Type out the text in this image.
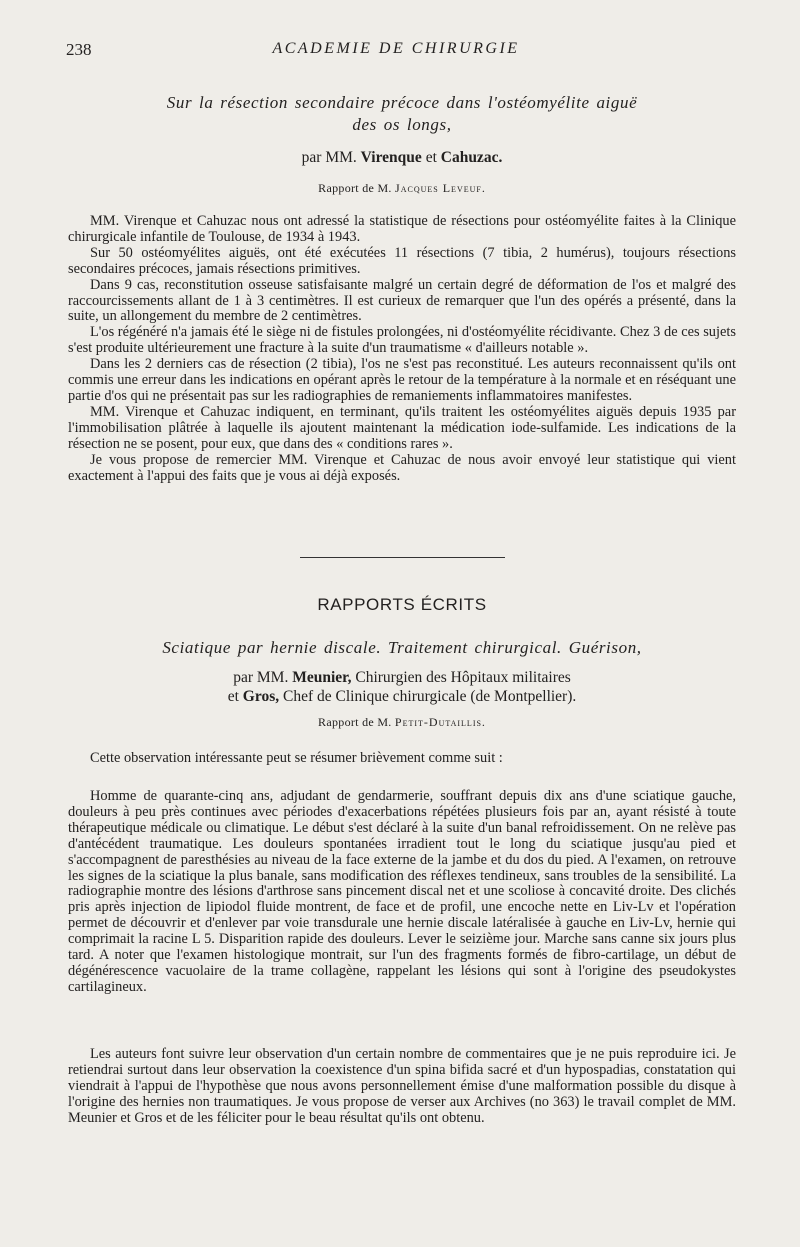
238	ACADEMIE DE CHIRURGIE
Sur la résection secondaire précoce dans l'ostéomyélite aiguë
des os longs,
par MM. Virenque et Cahuzac.
Rapport de M. Jacques Leveuf.

MM. Virenque et Cahuzac nous ont adressé la statistique de résections pour ostéomyélite faites à la Clinique chirurgicale infantile de Toulouse, de 1934 à 1943.

Sur 50 ostéomyélites aiguës, ont été exécutées 11 résections (7 tibia, 2 humérus), toujours résections secondaires précoces, jamais résections primitives.

Dans 9 cas, reconstitution osseuse satisfaisante malgré un certain degré de déformation de l'os et malgré des raccourcissements allant de 1 à 3 centimètres. Il est curieux de remarquer que l'un des opérés a présenté, dans la suite, un allongement du membre de 2 centimètres.

L'os régénéré n'a jamais été le siège ni de fistules prolongées, ni d'ostéomyélite récidivante. Chez 3 de ces sujets s'est produite ultérieurement une fracture à la suite d'un traumatisme « d'ailleurs notable ».

Dans les 2 derniers cas de résection (2 tibia), l'os ne s'est pas reconstitué. Les auteurs reconnaissent qu'ils ont commis une erreur dans les indications en opérant après le retour de la température à la normale et en réséquant une partie d'os qui ne présentait pas sur les radiographies de remaniements inflammatoires manifestes.

MM. Virenque et Cahuzac indiquent, en terminant, qu'ils traitent les ostéomyélites aiguës depuis 1935 par l'immobilisation plâtrée à laquelle ils ajoutent maintenant la médication iode-sulfamide. Les indications de la résection ne se posent, pour eux, que dans des « conditions rares ».

Je vous propose de remercier MM. Virenque et Cahuzac de nous avoir envoyé leur statistique qui vient exactement à l'appui des faits que je vous ai déjà exposés.

RAPPORTS ÉCRITS
Sciatique par hernie discale. Traitement chirurgical. Guérison,
par MM. Meunier, Chirurgien des Hôpitaux militaires
et Gros, Chef de Clinique chirurgicale (de Montpellier).
Rapport de M. Petit-Dutaillis.

Cette observation intéressante peut se résumer brièvement comme suit :

Homme de quarante-cinq ans, adjudant de gendarmerie, souffrant depuis dix ans d'une sciatique gauche, douleurs à peu près continues avec périodes d'exacerbations répétées plusieurs fois par an, ayant résisté à toute thérapeutique médicale ou climatique. Le début s'est déclaré à la suite d'un banal refroidissement. On ne relève pas d'antécédent traumatique. Les douleurs spontanées irradient tout le long du sciatique jusqu'au pied et s'accompagnent de paresthésies au niveau de la face externe de la jambe et du dos du pied. A l'examen, on retrouve les signes de la sciatique la plus banale, sans modification des réflexes tendineux, sans troubles de la sensibilité. La radiographie montre des lésions d'arthrose sans pincement discal net et une scoliose à concavité droite. Des clichés pris après injection de lipiodol fluide montrent, de face et de profil, une encoche nette en Liv-Lv et l'opération permet de découvrir et d'enlever par voie transdurale une hernie discale latéralisée à gauche en Liv-Lv, hernie qui comprimait la racine L 5. Disparition rapide des douleurs. Lever le seizième jour. Marche sans canne six jours plus tard. A noter que l'examen histologique montrait, sur l'un des fragments formés de fibro-cartilage, un début de dégénérescence vacuolaire de la trame collagène, rappelant les lésions qui sont à l'origine des pseudokystes cartilagineux.

Les auteurs font suivre leur observation d'un certain nombre de commentaires que je ne puis reproduire ici. Je retiendrai surtout dans leur observation la coexistence d'un spina bifida sacré et d'un hypospadias, constatation qui viendrait à l'appui de l'hypothèse que nous avons personnellement émise d'une malformation possible du disque à l'origine des hernies non traumatiques. Je vous propose de verser aux Archives (no 363) le travail complet de MM. Meunier et Gros et de les féliciter pour le beau résultat qu'ils ont obtenu.
